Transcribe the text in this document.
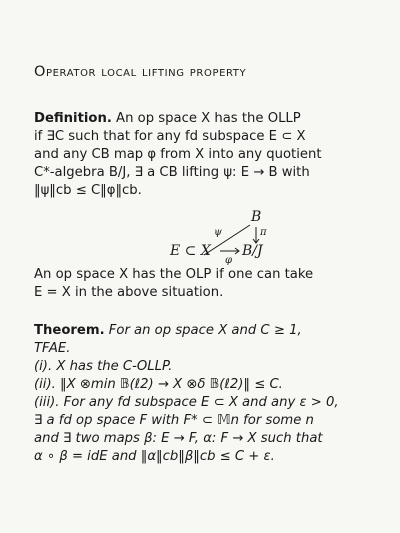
Operator local lifting property
Definition. An op space X has the OLLP
if ∃C such that for any fd subspace E ⊂ X
and any CB map φ from X into any quotient
C*-algebra B/J, ∃ a CB lifting ψ: E → B with
‖ψ‖cb ≤ C‖φ‖cb.
B
ψ	π
E ⊂ X
φ
B/J
An op space X has the OLP if one can take
E = X in the above situation.
Theorem. For an op space X and C ≥ 1,
TFAE.
(i). X has the C-OLLP.
(ii). ‖X ⊗min 𝔹(ℓ2) → X ⊗δ 𝔹(ℓ2)‖ ≤ C.
(iii). For any fd subspace E ⊂ X and any ε > 0,
∃ a fd op space F with F* ⊂ 𝕄n for some n
and ∃ two maps β: E → F, α: F → X such that
α ∘ β = idE and ‖α‖cb‖β‖cb ≤ C + ε.
